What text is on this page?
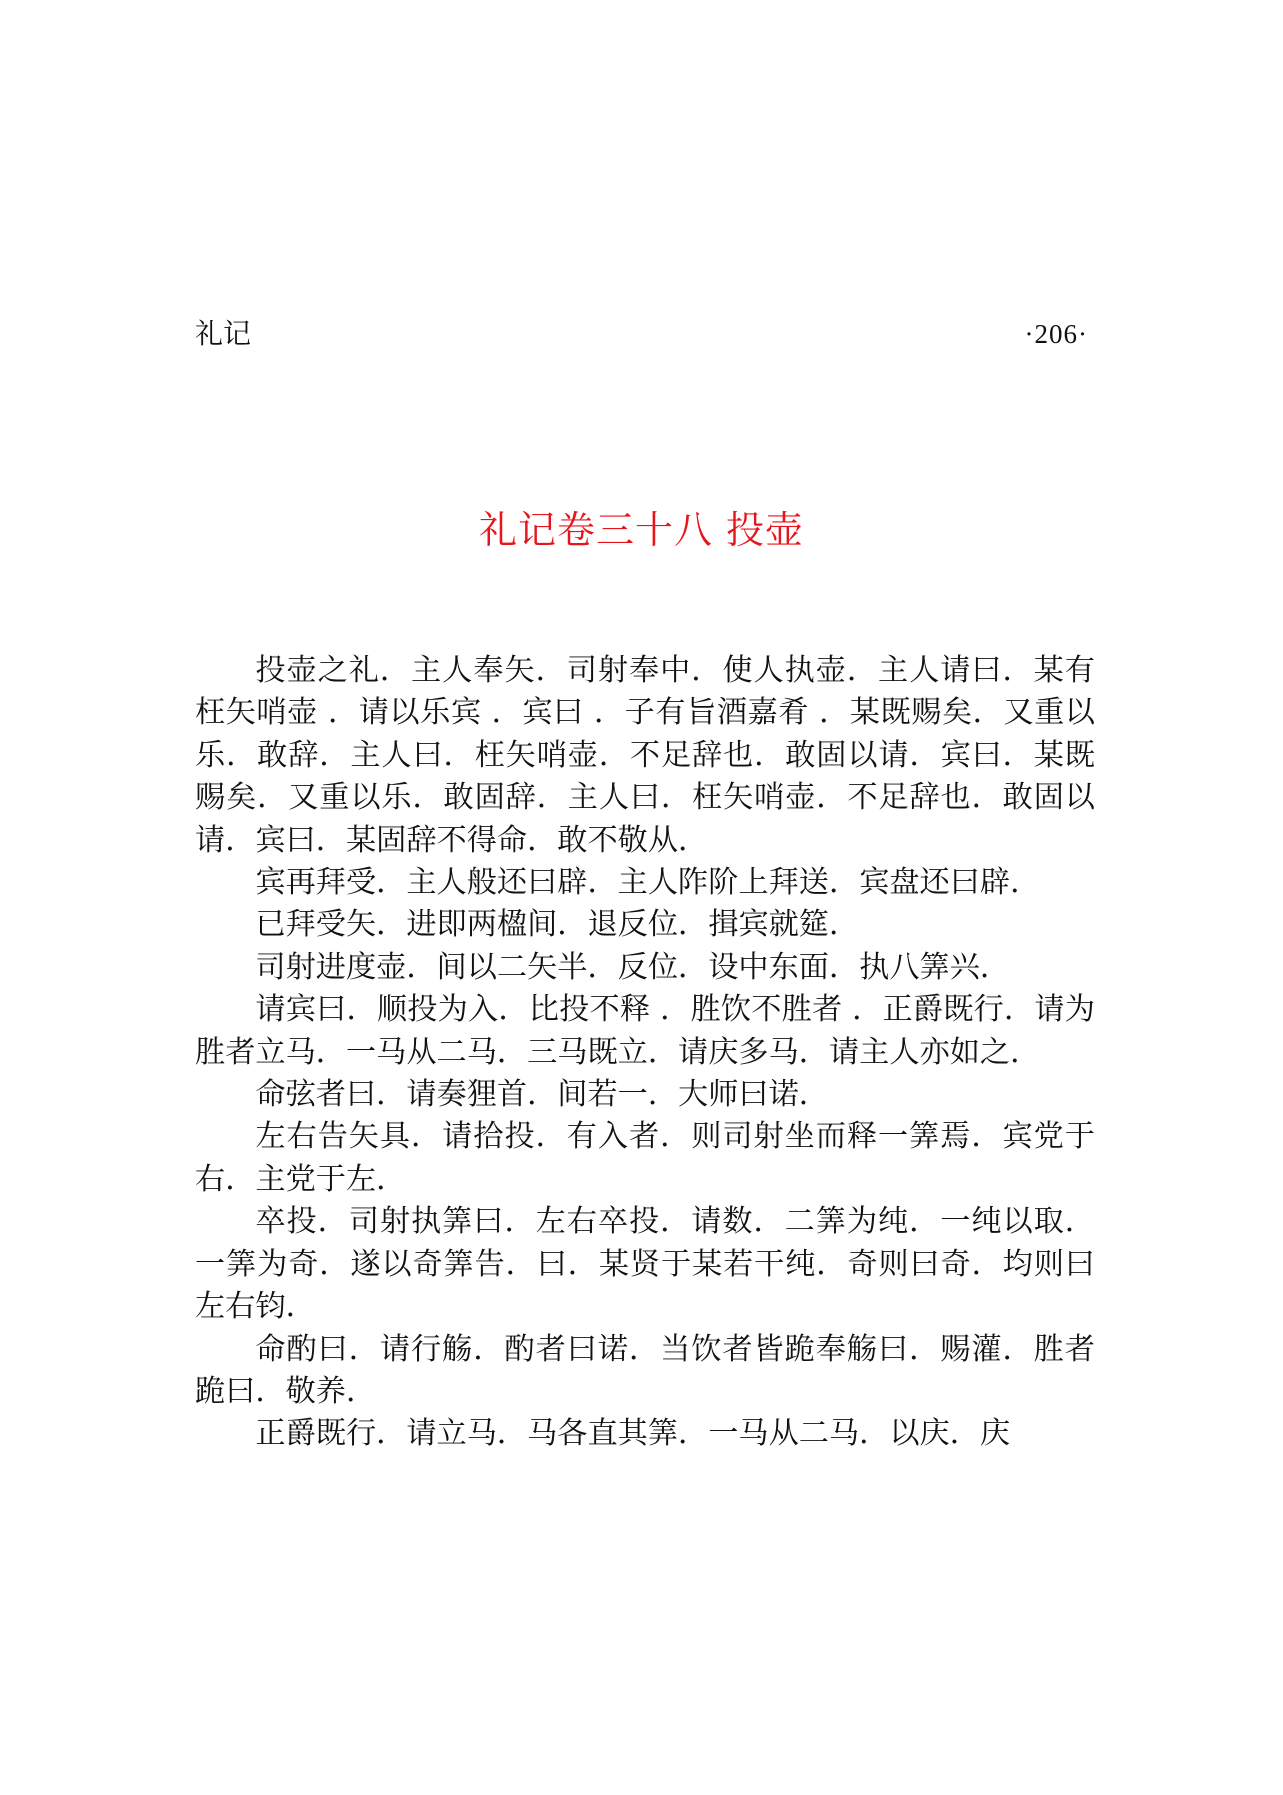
礼记	·206·
礼记卷三十八 投壶

投壶之礼．主人奉矢．司射奉中．使人执壶．主人请曰．某有枉矢哨壶 ．请以乐宾 ．宾曰 ．子有旨酒嘉肴 ．某既赐矣．又重以乐．敢辞．主人曰．枉矢哨壶．不足辞也．敢固以请．宾曰．某既赐矣．又重以乐．敢固辞．主人曰．枉矢哨壶．不足辞也．敢固以请．宾曰．某固辞不得命．敢不敬从．

宾再拜受．主人般还曰辟．主人阼阶上拜送．宾盘还曰辟．

已拜受矢．进即两楹间．退反位．揖宾就筵．

司射进度壶．间以二矢半．反位．设中东面．执八筭兴．

请宾曰．顺投为入．比投不释 ．胜饮不胜者 ．正爵既行．请为胜者立马．一马从二马．三马既立．请庆多马．请主人亦如之．

命弦者曰．请奏狸首．间若一．大师曰诺．

左右告矢具．请拾投．有入者．则司射坐而释一筭焉．宾党于右．主党于左．

卒投．司射执筭曰．左右卒投．请数．二筭为纯．一纯以取．一筭为奇．遂以奇筭告．曰．某贤于某若干纯．奇则曰奇．均则曰左右钧．

命酌曰．请行觞．酌者曰诺．当饮者皆跪奉觞曰．赐灌．胜者跪曰．敬养．

正爵既行．请立马．马各直其筭．一马从二马．以庆．庆
